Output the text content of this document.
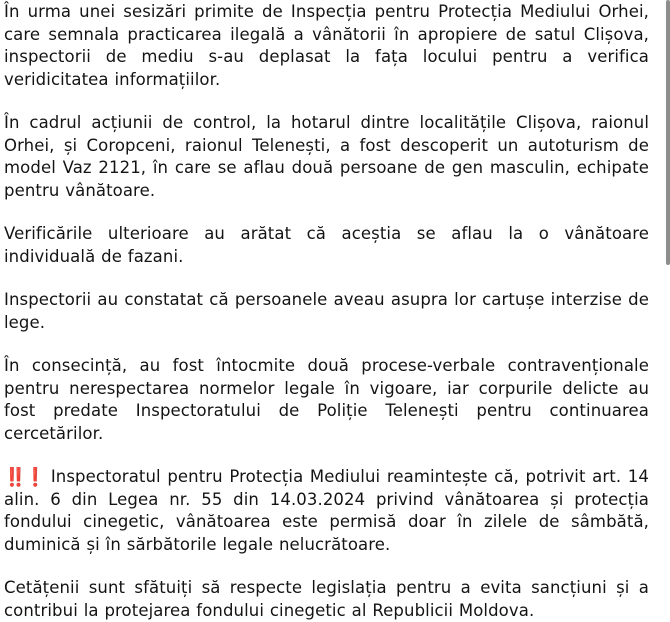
În urma unei sesizări primite de Inspecția pentru Protecția Mediului Orhei, care semnala practicarea ilegală a vânătorii în apropiere de satul Clișova, inspectorii de mediu s-au deplasat la fața locului pentru a verifica veridicitatea informațiilor.

În cadrul acțiunii de control, la hotarul dintre localitățile Clișova, raionul Orhei, și Coropceni, raionul Telenești, a fost descoperit un autoturism de model Vaz 2121, în care se aflau două persoane de gen masculin, echipate pentru vânătoare.

Verificările ulterioare au arătat că aceștia se aflau la o vânătoare individuală de fazani.

Inspectorii au constatat că persoanele aveau asupra lor cartușe interzise de lege.

În consecință, au fost întocmite două procese-verbale contravenționale pentru nerespectarea normelor legale în vigoare, iar corpurile delicte au fost predate Inspectoratului de Poliție Telenești pentru continuarea cercetărilor.

‼️❗ Inspectoratul pentru Protecția Mediului reamintește că, potrivit art. 14 alin. 6 din Legea nr. 55 din 14.03.2024 privind vânătoarea și protecția fondului cinegetic, vânătoarea este permisă doar în zilele de sâmbătă, duminică și în sărbătorile legale nelucrătoare.

Cetățenii sunt sfătuiți să respecte legislația pentru a evita sancțiuni și a contribui la protejarea fondului cinegetic al Republicii Moldova.
